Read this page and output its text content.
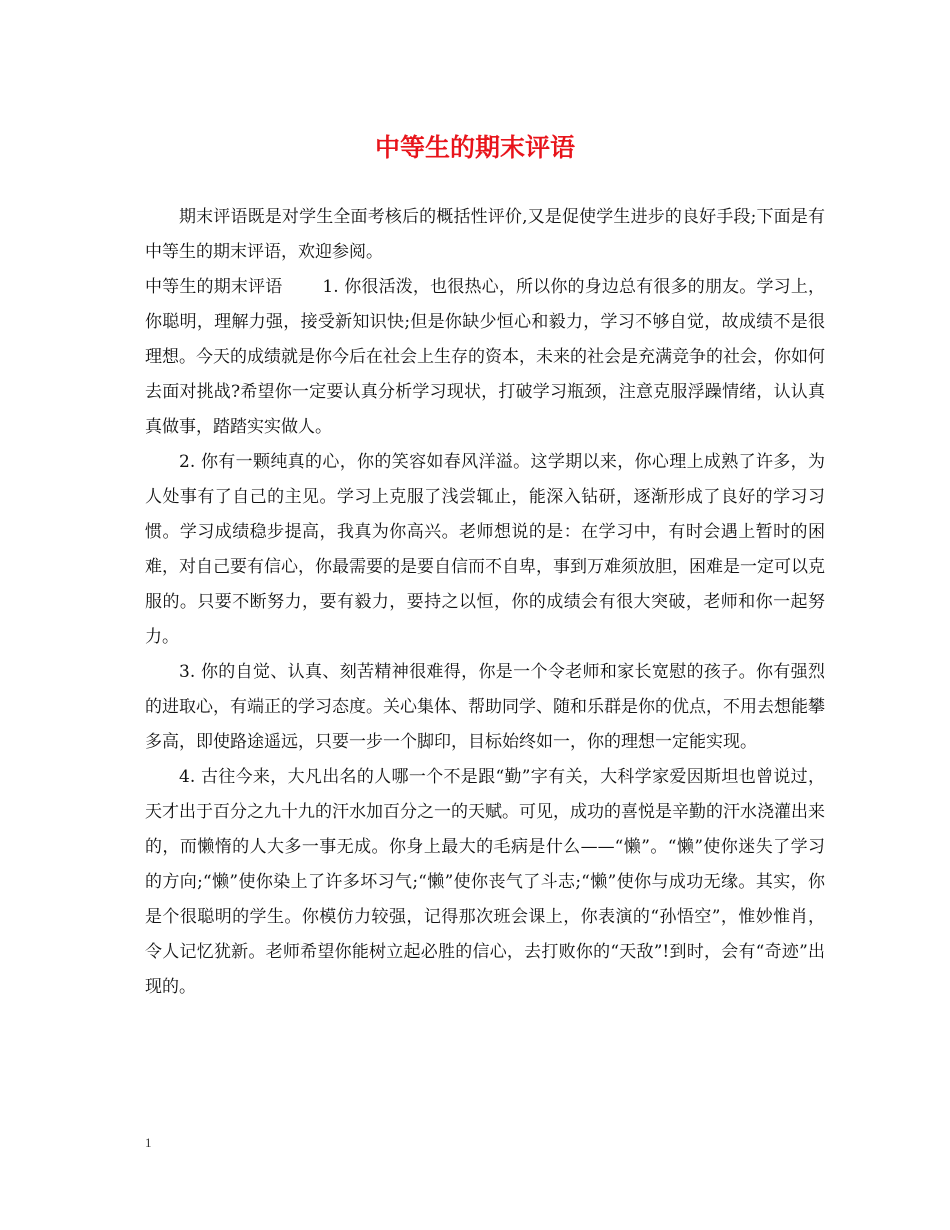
中等生的期末评语

期末评语既是对学生全面考核后的概括性评价,又是促使学生进步的良好手段;下面是有中等生的期末评语，欢迎参阅。

中等生的期末评语 1. 你很活泼，也很热心，所以你的身边总有很多的朋友。学习上，你聪明，理解力强，接受新知识快;但是你缺少恒心和毅力，学习不够自觉，故成绩不是很理想。今天的成绩就是你今后在社会上生存的资本，未来的社会是充满竞争的社会，你如何去面对挑战?希望你一定要认真分析学习现状，打破学习瓶颈，注意克服浮躁情绪，认认真真做事，踏踏实实做人。

2. 你有一颗纯真的心，你的笑容如春风洋溢。这学期以来，你心理上成熟了许多，为人处事有了自己的主见。学习上克服了浅尝辄止，能深入钻研，逐渐形成了良好的学习习惯。学习成绩稳步提高，我真为你高兴。老师想说的是：在学习中，有时会遇上暂时的困难，对自己要有信心，你最需要的是要自信而不自卑，事到万难须放胆，困难是一定可以克服的。只要不断努力，要有毅力，要持之以恒，你的成绩会有很大突破，老师和你一起努力。

3. 你的自觉、认真、刻苦精神很难得，你是一个令老师和家长宽慰的孩子。你有强烈的进取心，有端正的学习态度。关心集体、帮助同学、随和乐群是你的优点，不用去想能攀多高，即使路途遥远，只要一步一个脚印，目标始终如一，你的理想一定能实现。

4. 古往今来，大凡出名的人哪一个不是跟“勤”字有关，大科学家爱因斯坦也曾说过，天才出于百分之九十九的汗水加百分之一的天赋。可见，成功的喜悦是辛勤的汗水浇灌出来的，而懒惰的人大多一事无成。你身上最大的毛病是什么——“懒”。“懒”使你迷失了学习的方向;“懒”使你染上了许多坏习气;“懒”使你丧气了斗志;“懒”使你与成功无缘。其实，你是个很聪明的学生。你模仿力较强，记得那次班会课上，你表演的“孙悟空”，惟妙惟肖，令人记忆犹新。老师希望你能树立起必胜的信心，去打败你的“天敌”!到时，会有“奇迹”出现的。

1
